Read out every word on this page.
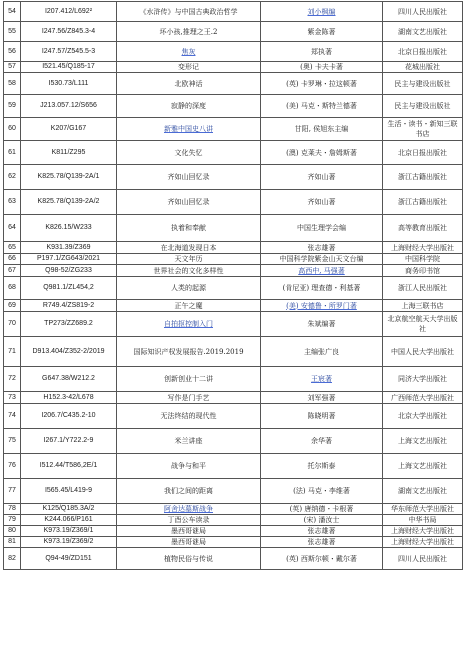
54	I207.412/L692²	《水浒传》与中国古典政治哲学	刘小枫编	四川人民出版社
55	I247.56/Z845.3-4	坏小孩,推理之王.2	紫金陈著	湖南文艺出版社
56	I247.57/Z545.5-3	焦灰	郑执著	北京日报出版社
57	I521.45/Q185-17	变形记	(奥) 卡夫卡著	花城出版社
58	I530.73/L111	北欧神话	(英) 卡罗琳・拉这顿著	民主与建设出版社
59	J213.057.12/S656	寂静的深度	(美) 马克・斯特兰德著	民主与建设出版社
60	K207/G167	新雅中国史八讲	甘阳, 侯旭东主编	生活・读书・新知三联书店
61	K811/Z295	文化失忆	(澳) 克莱夫・詹姆斯著	北京日报出版社
62	K825.78/Q139-2A/1	齐如山回忆录	齐如山著	浙江古籍出版社
63	K825.78/Q139-2A/2	齐如山回忆录	齐如山著	浙江古籍出版社
64	K826.15/W233	执着和奉献	中国生理学会编	高等教育出版社
65	K931.39/Z369	在北海道发现日本	张志雄著	上海财经大学出版社
66	P197.1/ZG643/2021	天文年历	中国科学院紫金山天文台编	中国科学院
67	Q98-52/ZG233	世界社会的文化多样性	高西中, 马强著	商务印书馆
68	Q981.1/ZL454,2	人类的起源	(肯尼亚) 理查德・利基著	浙江人民出版社
69	R749.4/ZS819-2	正午之魔	(美) 安德鲁・所罗门著	上海三联书店
70	TP273/ZZ689.2	自拍抠控制入门	朱斌编著	北京航空航天大学出版社
71	D913.404/Z352-2/2019	国际知识产权发展报告.2019.2019	主编张广良	中国人民大学出版社
72	G647.38/W212.2	创新创业十二讲	王宸著	同济大学出版社
73	H152.3-42/L678	写作是门手艺	刘军强著	广西师范大学出版社
74	I206.7/C435.2-10	无法终结的现代性	陈晓明著	北京大学出版社
75	I267.1/Y722.2-9	米兰讲座	余华著	上海文艺出版社
76	I512.44/T586,2E/1	战争与和平	托尔斯泰	上海文艺出版社
77	I565.45/L419-9	我们之间的距离	(法) 马克・李维著	湖南文艺出版社
78	K125/Q185.3A/2	阿舍达墓斯战争	(英) 唐纳德・卡根著	华东师范大学出版社
79	K244.066/P161	丁酉公车读录	(宋) 潘汝士	中华书局
80	K973.19/Z369/1	墨西哥谜局	张志雄著	上海财经大学出版社
81	K973.19/Z369/2	墨西哥谜局	张志雄著	上海财经大学出版社
82	Q94-49/ZD151	植物民俗与传说	(英) 西斯尔顿・戴尔著	四川人民出版社
